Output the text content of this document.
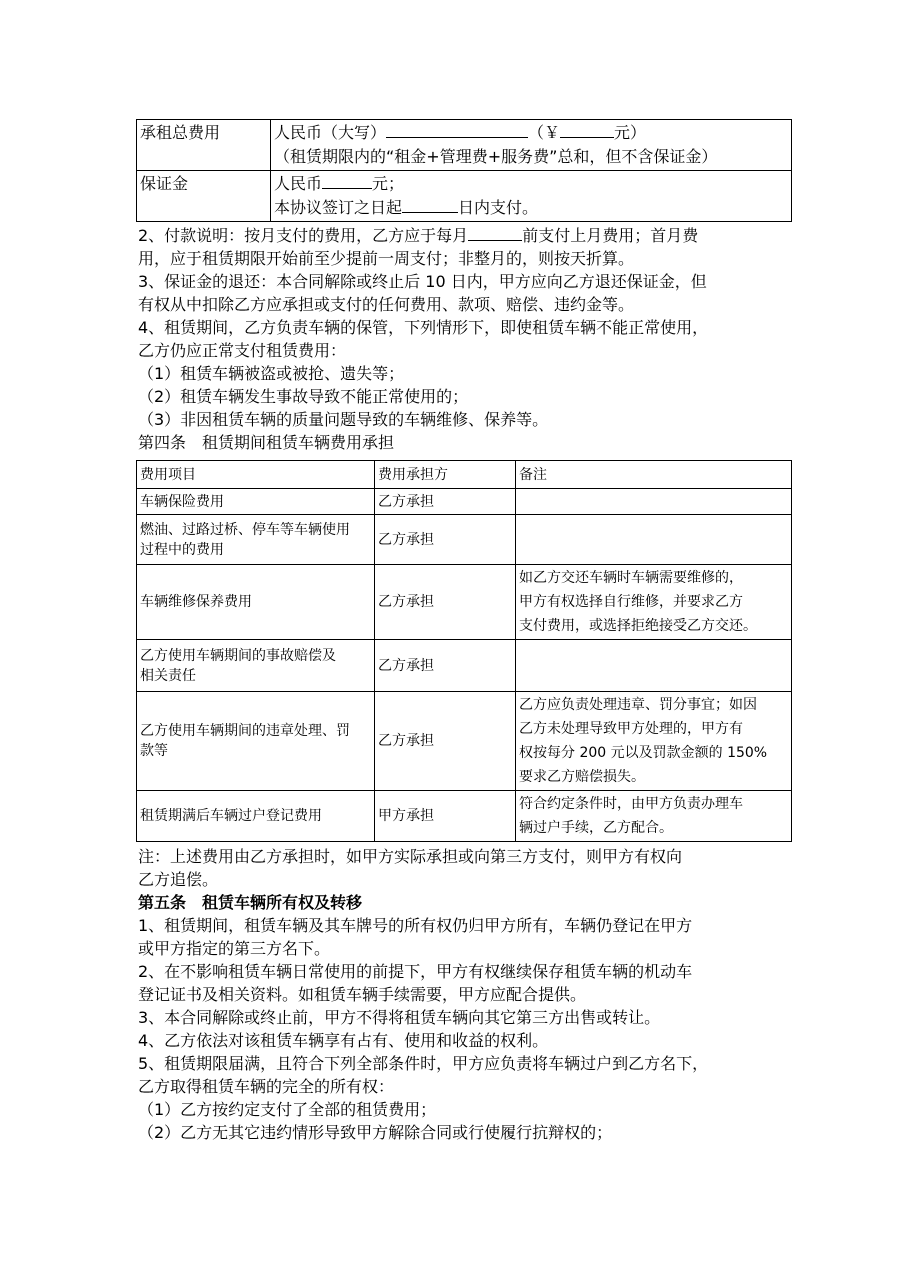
承租总费用	人民币（大写） （￥ 元）
（租赁期限内的“租金+管理费+服务费”总和，但不含保证金）
保证金	人民币 元；
本协议签订之日起 日内支付。
2、付款说明：按月支付的费用，乙方应于每月	前支付上月费用；首月费
用，应于租赁期限开始前至少提前一周支付；非整月的，则按天折算。
3、保证金的退还：本合同解除或终止后 10 日内，甲方应向乙方退还保证金，但
有权从中扣除乙方应承担或支付的任何费用、款项、赔偿、违约金等。
4、租赁期间，乙方负责车辆的保管，下列情形下，即使租赁车辆不能正常使用，
乙方仍应正常支付租赁费用：
（1）租赁车辆被盗或被抢、遗失等；
（2）租赁车辆发生事故导致不能正常使用的；
（3）非因租赁车辆的质量问题导致的车辆维修、保养等。
第四条　租赁期间租赁车辆费用承担
费用项目	费用承担方	备注
车辆保险费用	乙方承担	
燃油、过路过桥、停车等车辆使用
过程中的费用	乙方承担	
车辆维修保养费用	乙方承担	如乙方交还车辆时车辆需要维修的，
甲方有权选择自行维修，并要求乙方
支付费用，或选择拒绝接受乙方交还。
乙方使用车辆期间的事故赔偿及
相关责任	乙方承担	
乙方使用车辆期间的违章处理、罚
款等	乙方承担	乙方应负责处理违章、罚分事宜；如因
乙方未处理导致甲方处理的，甲方有
权按每分 200 元以及罚款金额的 150%
要求乙方赔偿损失。
租赁期满后车辆过户登记费用	甲方承担	符合约定条件时，由甲方负责办理车
辆过户手续，乙方配合。
注：上述费用由乙方承担时，如甲方实际承担或向第三方支付，则甲方有权向
乙方追偿。
第五条　租赁车辆所有权及转移
1、租赁期间，租赁车辆及其车牌号的所有权仍归甲方所有，车辆仍登记在甲方
或甲方指定的第三方名下。
2、在不影响租赁车辆日常使用的前提下，甲方有权继续保存租赁车辆的机动车
登记证书及相关资料。如租赁车辆手续需要，甲方应配合提供。
3、本合同解除或终止前，甲方不得将租赁车辆向其它第三方出售或转让。
4、乙方依法对该租赁车辆享有占有、使用和收益的权利。
5、租赁期限届满，且符合下列全部条件时，甲方应负责将车辆过户到乙方名下，
乙方取得租赁车辆的完全的所有权：
（1）乙方按约定支付了全部的租赁费用；
（2）乙方无其它违约情形导致甲方解除合同或行使履行抗辩权的；
